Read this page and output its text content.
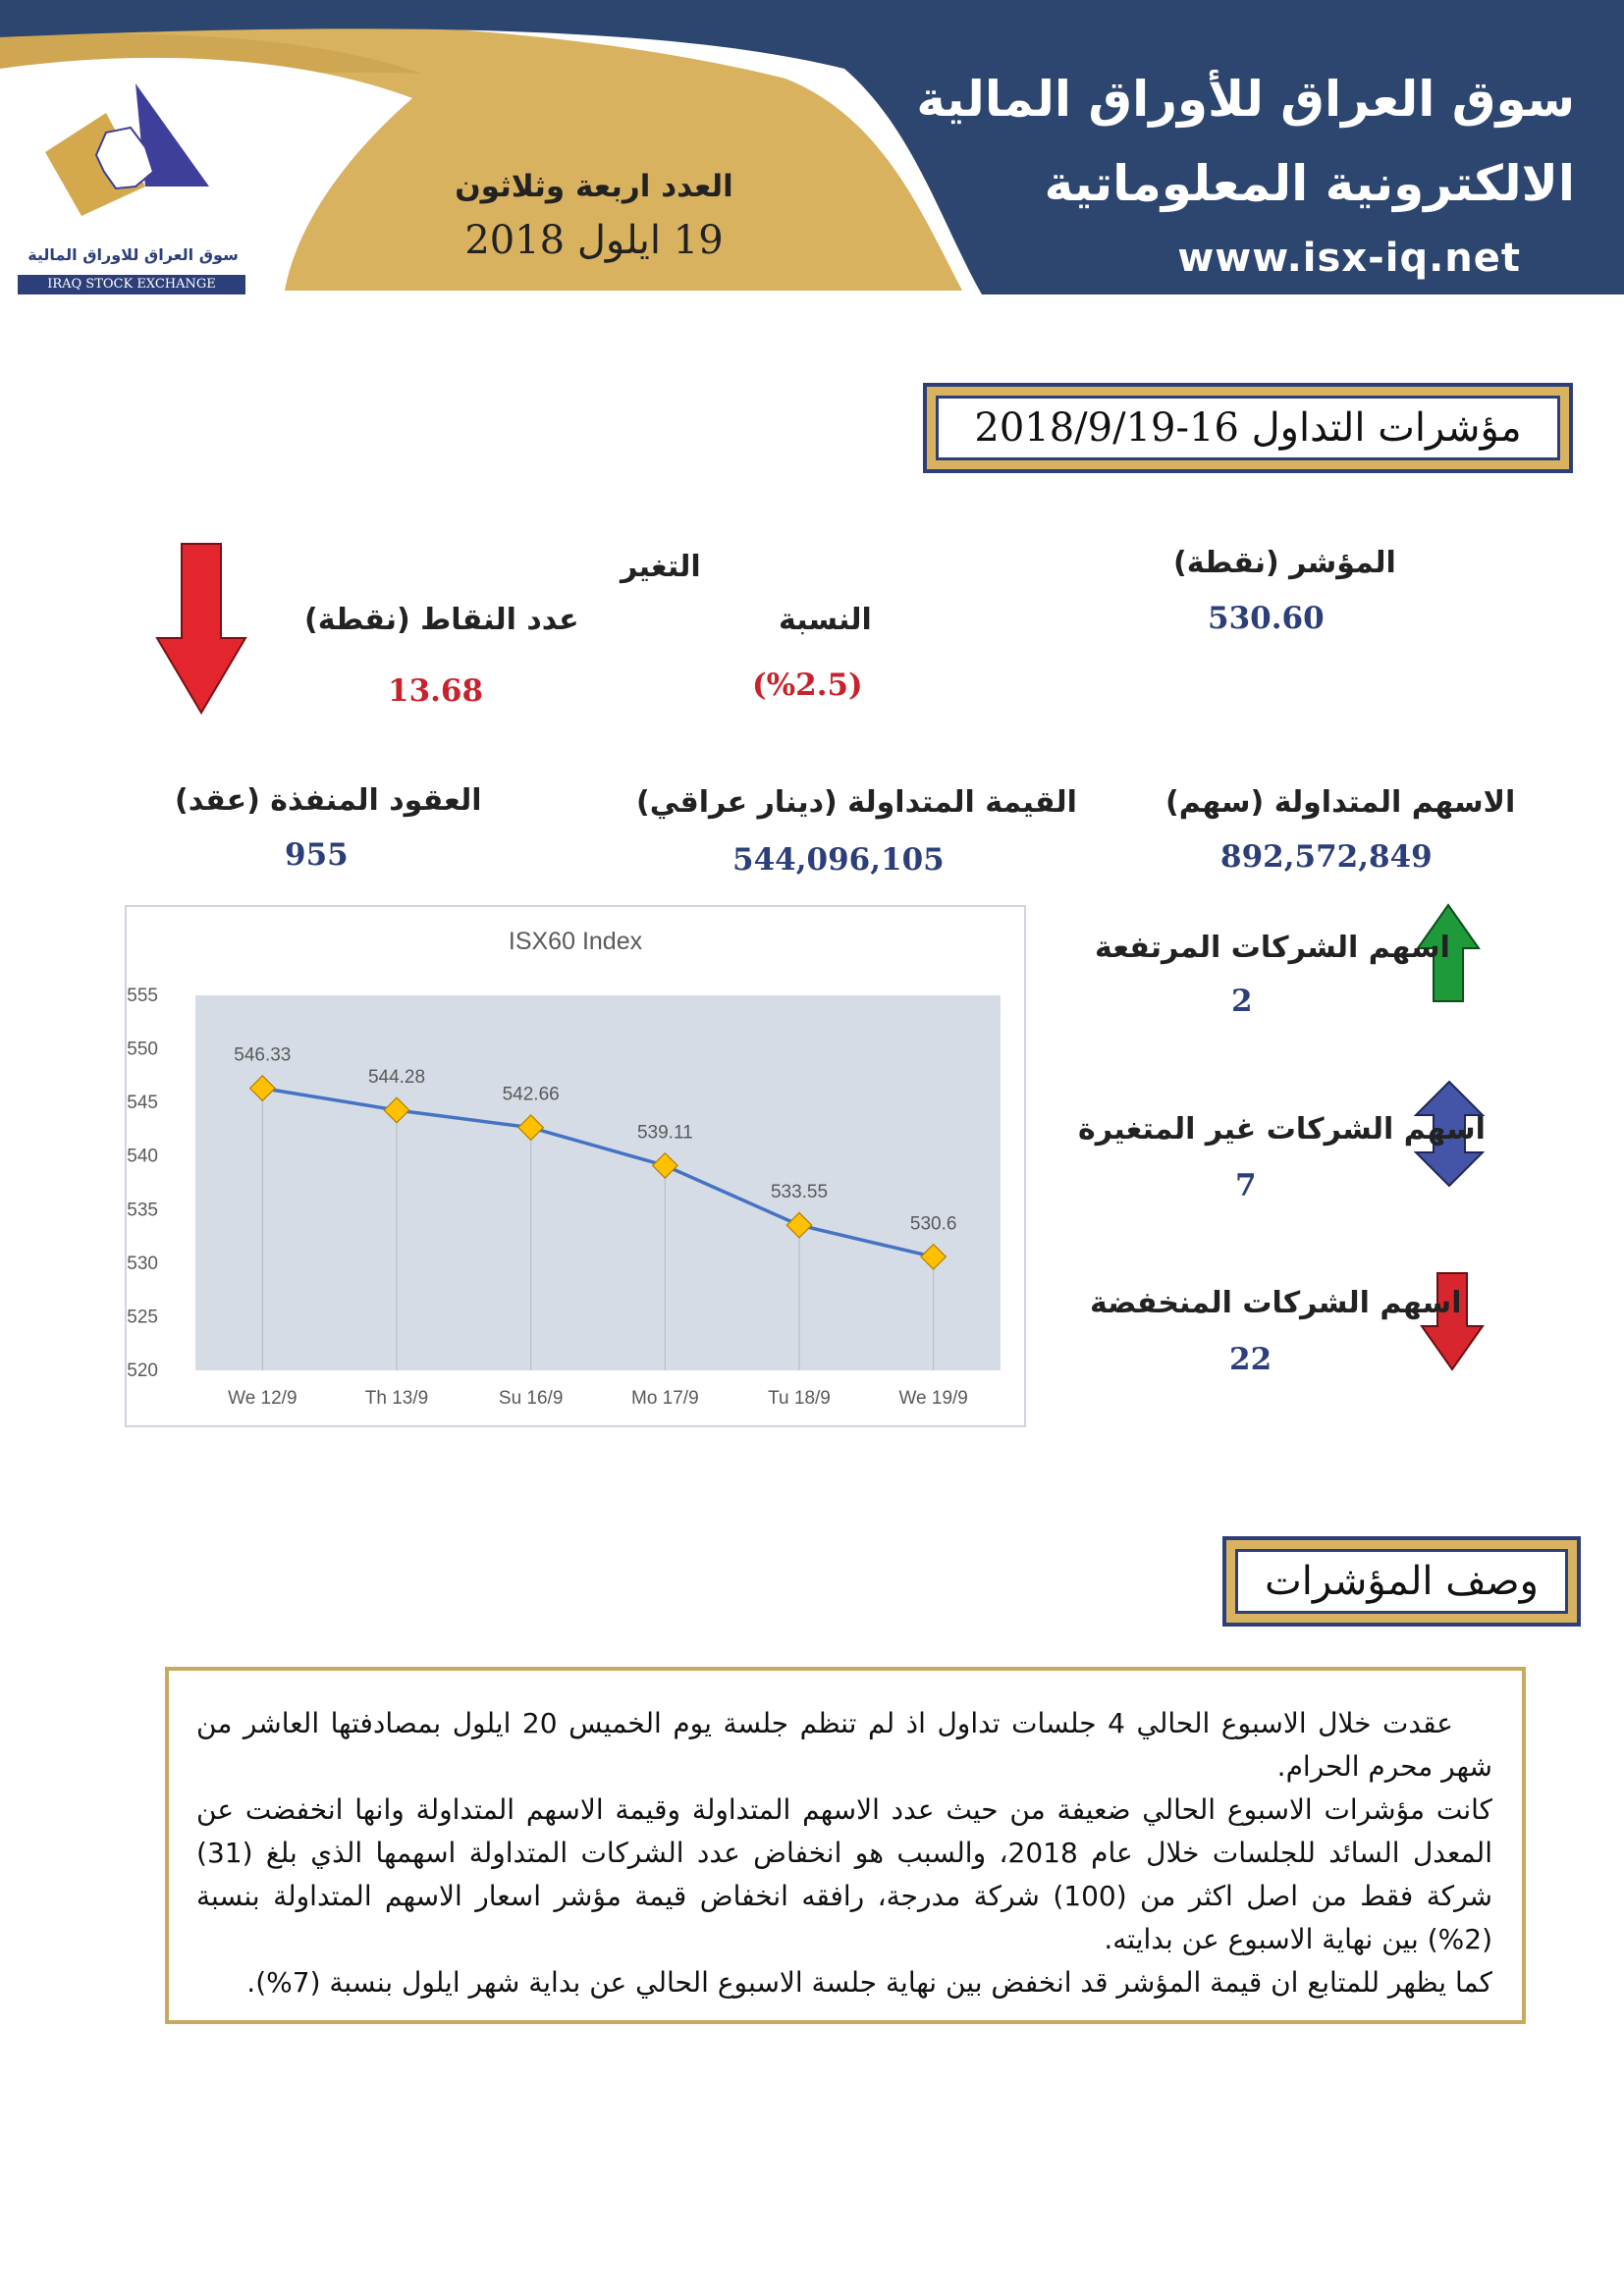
سوق العراق للاوراق المالية
IRAQ STOCK EXCHANGE
العدد اربعة وثلاثون
19 ايلول 2018
سوق العراق للأوراق المالية
الالكترونية المعلوماتية
www.isx-iq.net
مؤشرات التداول 16-2018/9/19
المؤشر (نقطة)
530.60
التغير
النسبة
(%2.5)
عدد النقاط (نقطة)
13.68
الاسهم المتداولة (سهم)
892,572,849
القيمة المتداولة (دينار عراقي)
544,096,105
العقود المنفذة (عقد)
955
ISX60 Index
555
550
545
540
535
530
525
520
546.33
544.28
542.66
539.11
533.55
530.6
We 12/9	Th 13/9	Su 16/9	Mo 17/9	Tu 18/9	We 19/9
اسهم الشركات المرتفعة
2
اسهم الشركات غير المتغيرة
7
اسهم الشركات المنخفضة
22
وصف المؤشرات

عقدت خلال الاسبوع الحالي 4 جلسات تداول اذ لم تنظم جلسة يوم الخميس 20 ايلول بمصادفتها العاشر من شهر محرم الحرام.

كانت مؤشرات الاسبوع الحالي ضعيفة من حيث عدد الاسهم المتداولة وقيمة الاسهم المتداولة وانها انخفضت عن المعدل السائد للجلسات خلال عام 2018، والسبب هو انخفاض عدد الشركات المتداولة اسهمها الذي بلغ (31) شركة فقط من اصل اكثر من (100) شركة مدرجة، رافقه انخفاض قيمة مؤشر اسعار الاسهم المتداولة بنسبة (2%) بين نهاية الاسبوع عن بدايته.

كما يظهر للمتابع ان قيمة المؤشر قد انخفض بين نهاية جلسة الاسبوع الحالي عن بداية شهر ايلول بنسبة (7%).
